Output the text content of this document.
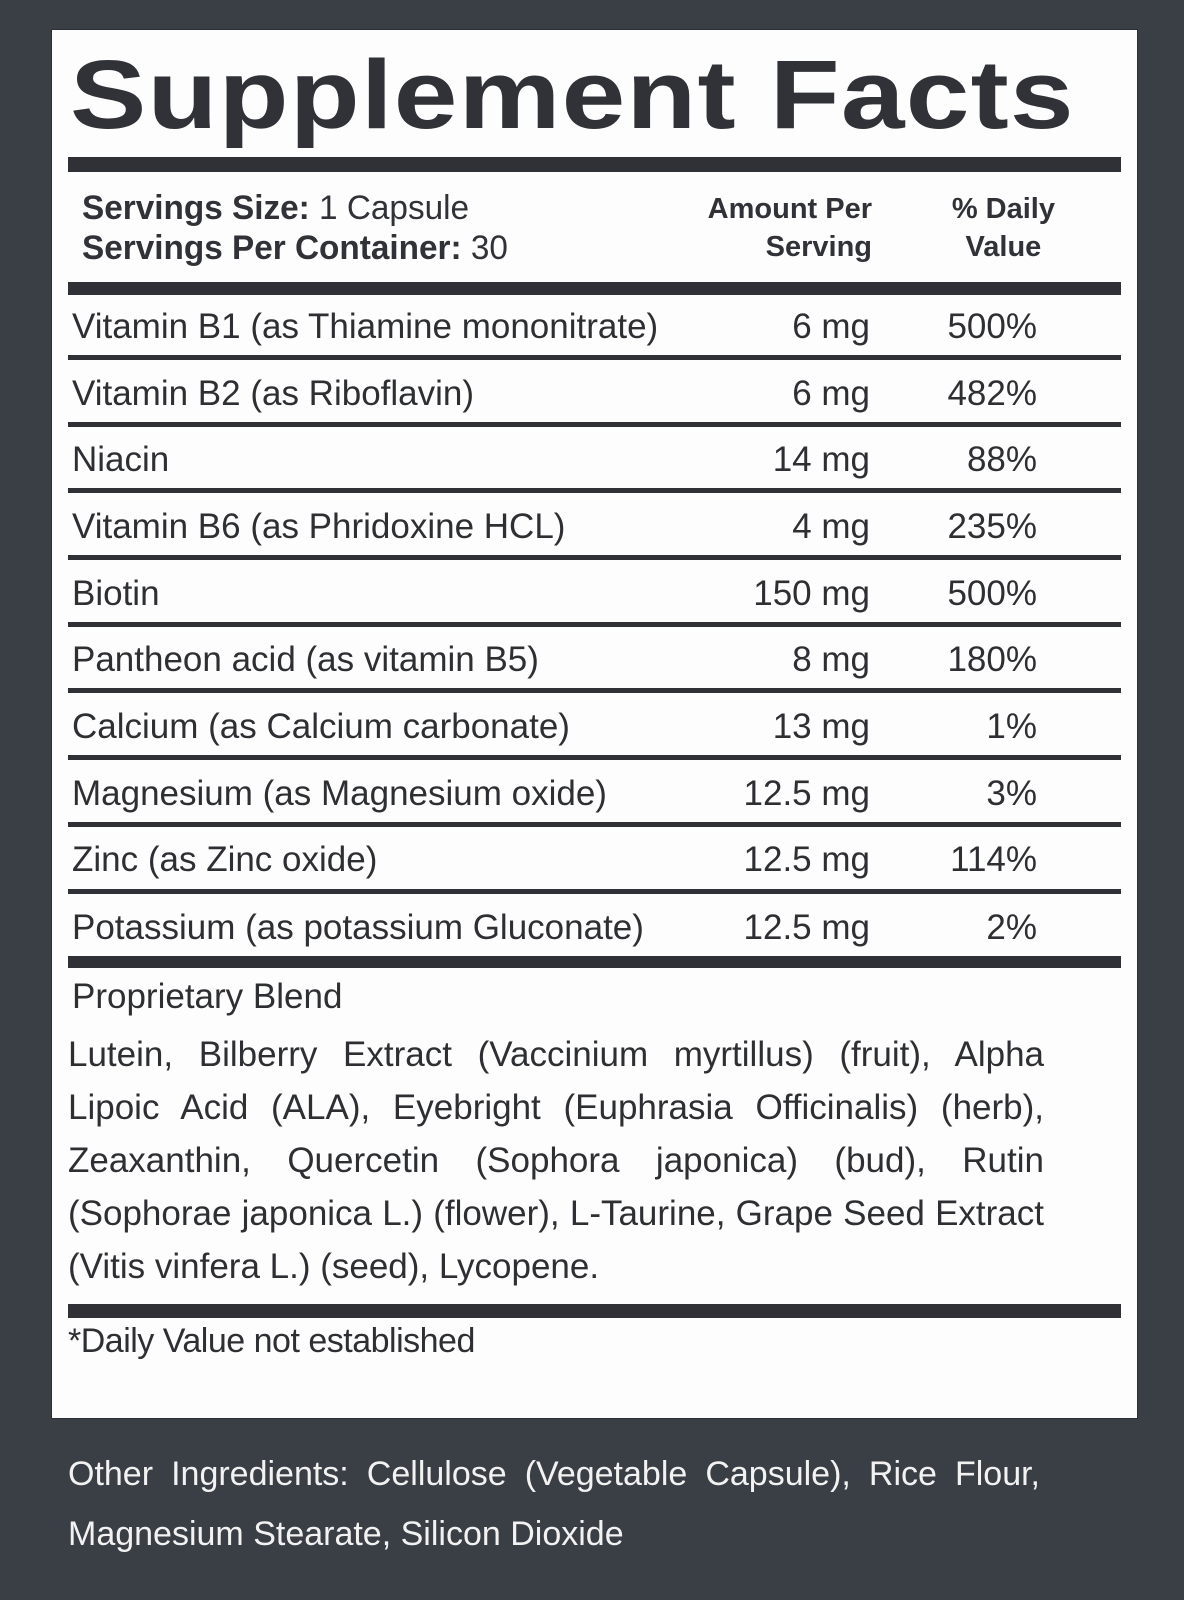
Supplement Facts
Servings Size: 1 Capsule
Servings Per Container: 30
Amount Per
Serving
% Daily
Value
Vitamin B1 (as Thiamine mononitrate)	6 mg 500%
Vitamin B2 (as Riboflavin)	6 mg 482%
Niacin	14 mg	88%
Vitamin B6 (as Phridoxine HCL)	4 mg 235%
Biotin	150 mg 500%
Pantheon acid (as vitamin B5)	8 mg 180%
Calcium (as Calcium carbonate)	13 mg	1%
Magnesium (as Magnesium oxide)	12.5 mg	3%
Zinc (as Zinc oxide)	12.5 mg 114%
Potassium (as potassium Gluconate)	12.5 mg	2%
Proprietary Blend
Lutein, Bilberry Extract (Vaccinium myrtillus) (fruit), Alpha Lipoic Acid (ALA), Eyebright (Euphrasia Officinalis) (herb), Zeaxanthin, Quercetin (Sophora japonica) (bud), Rutin (Sophorae japonica L.) (flower), L-Taurine, Grape Seed Extract (Vitis vinfera L.) (seed), Lycopene.
*Daily Value not established
Other Ingredients: Cellulose (Vegetable Capsule), Rice Flour, Magnesium Stearate, Silicon Dioxide
